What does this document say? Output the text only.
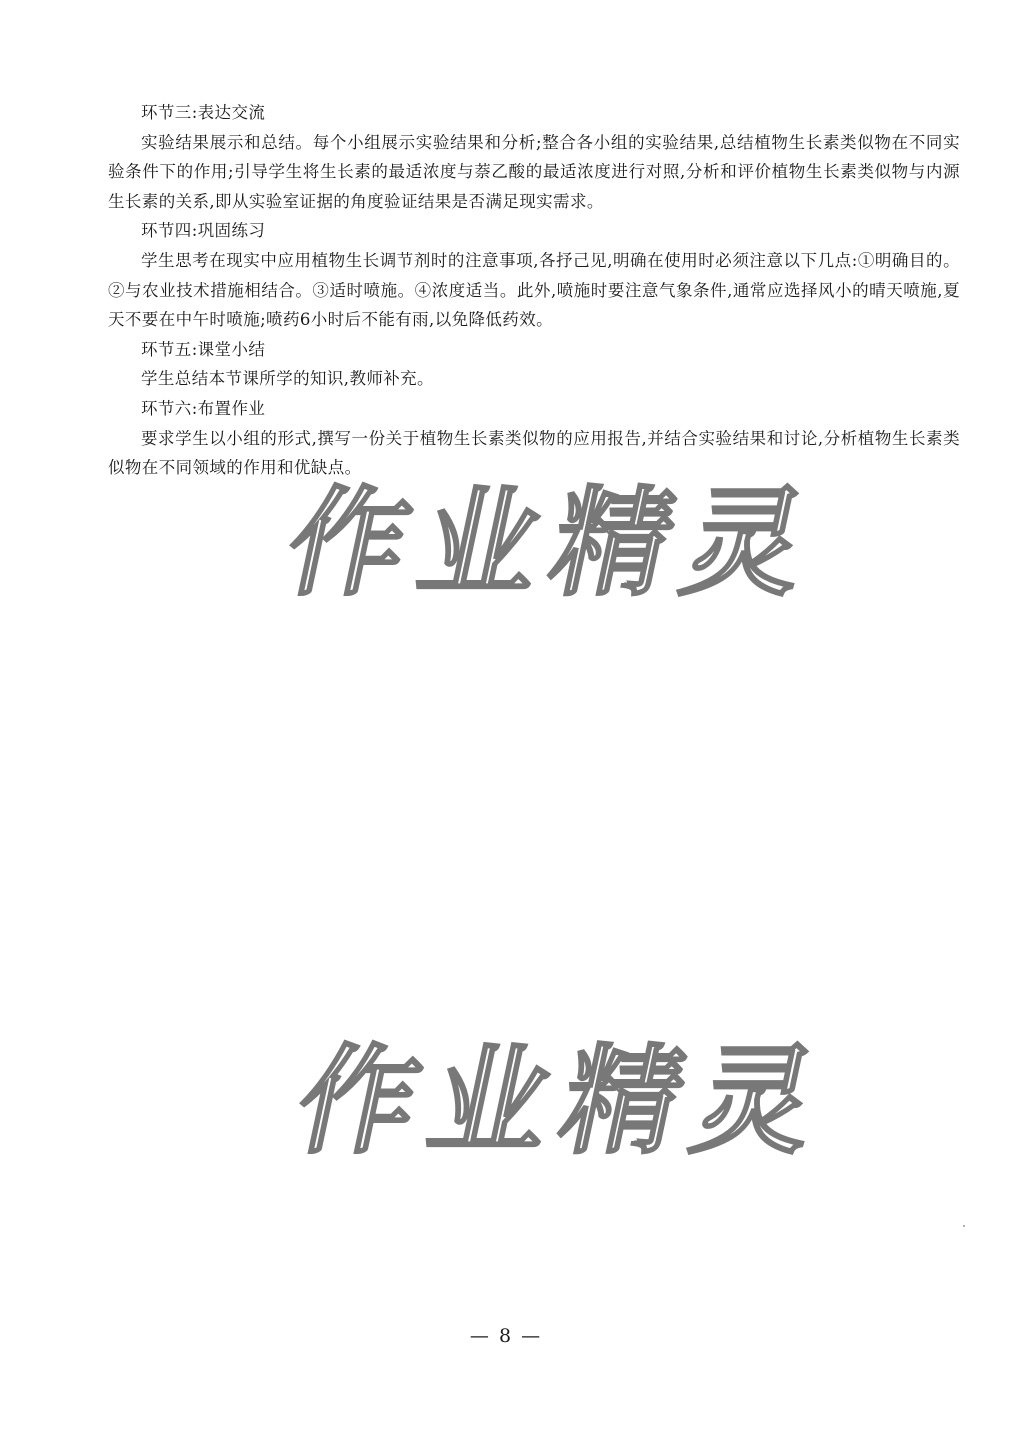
环节三:表达交流

实验结果展示和总结。每个小组展示实验结果和分析;整合各小组的实验结果,总结植物生长素类似物在不同实验条件下的作用;引导学生将生长素的最适浓度与萘乙酸的最适浓度进行对照,分析和评价植物生长素类似物与内源生长素的关系,即从实验室证据的角度验证结果是否满足现实需求。

环节四:巩固练习

学生思考在现实中应用植物生长调节剂时的注意事项,各抒己见,明确在使用时必须注意以下几点:①明确目的。②与农业技术措施相结合。③适时喷施。④浓度适当。此外,喷施时要注意气象条件,通常应选择风小的晴天喷施,夏天不要在中午时喷施;喷药6小时后不能有雨,以免降低药效。

环节五:课堂小结

学生总结本节课所学的知识,教师补充。

环节六:布置作业

要求学生以小组的形式,撰写一份关于植物生长素类似物的应用报告,并结合实验结果和讨论,分析植物生长素类似物在不同领域的作用和优缺点。

作业精灵
作业精灵
— 8 —
